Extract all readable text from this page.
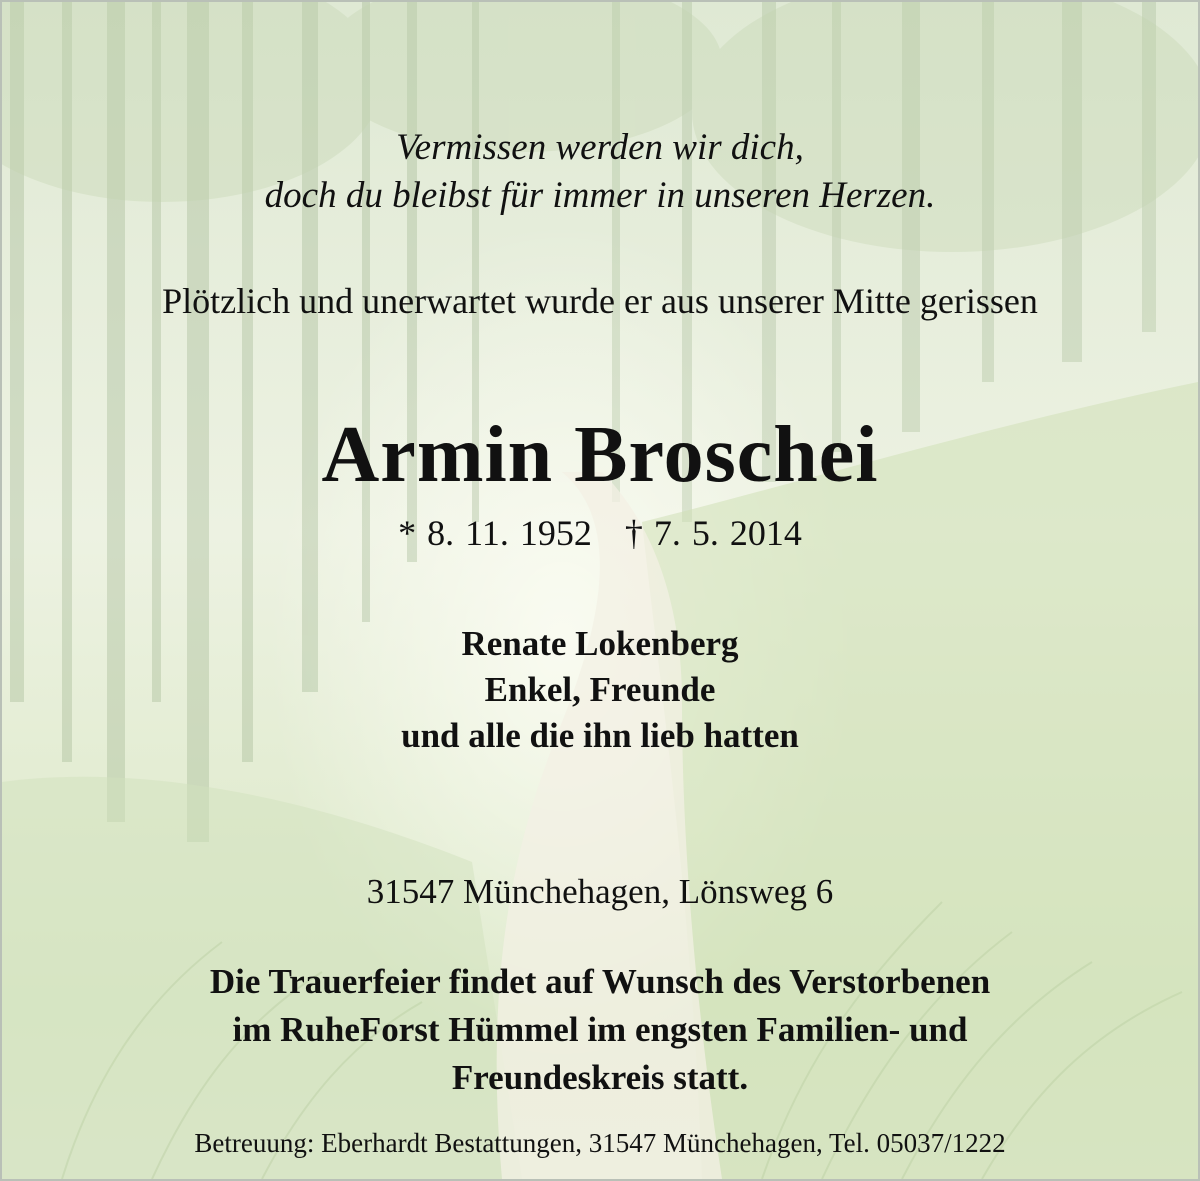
Vermissen werden wir dich,
doch du bleibst für immer in unseren Herzen.
Plötzlich und unerwartet wurde er aus unserer Mitte gerissen
Armin Broschei
* 8. 11. 1952   † 7. 5. 2014
Renate Lokenberg
Enkel, Freunde
und alle die ihn lieb hatten
31547 Münchehagen, Lönsweg 6
Die Trauerfeier findet auf Wunsch des Verstorbenen
im RuheForst Hümmel im engsten Familien- und
Freundeskreis statt.
Betreuung: Eberhardt Bestattungen, 31547 Münchehagen, Tel. 05037/1222
